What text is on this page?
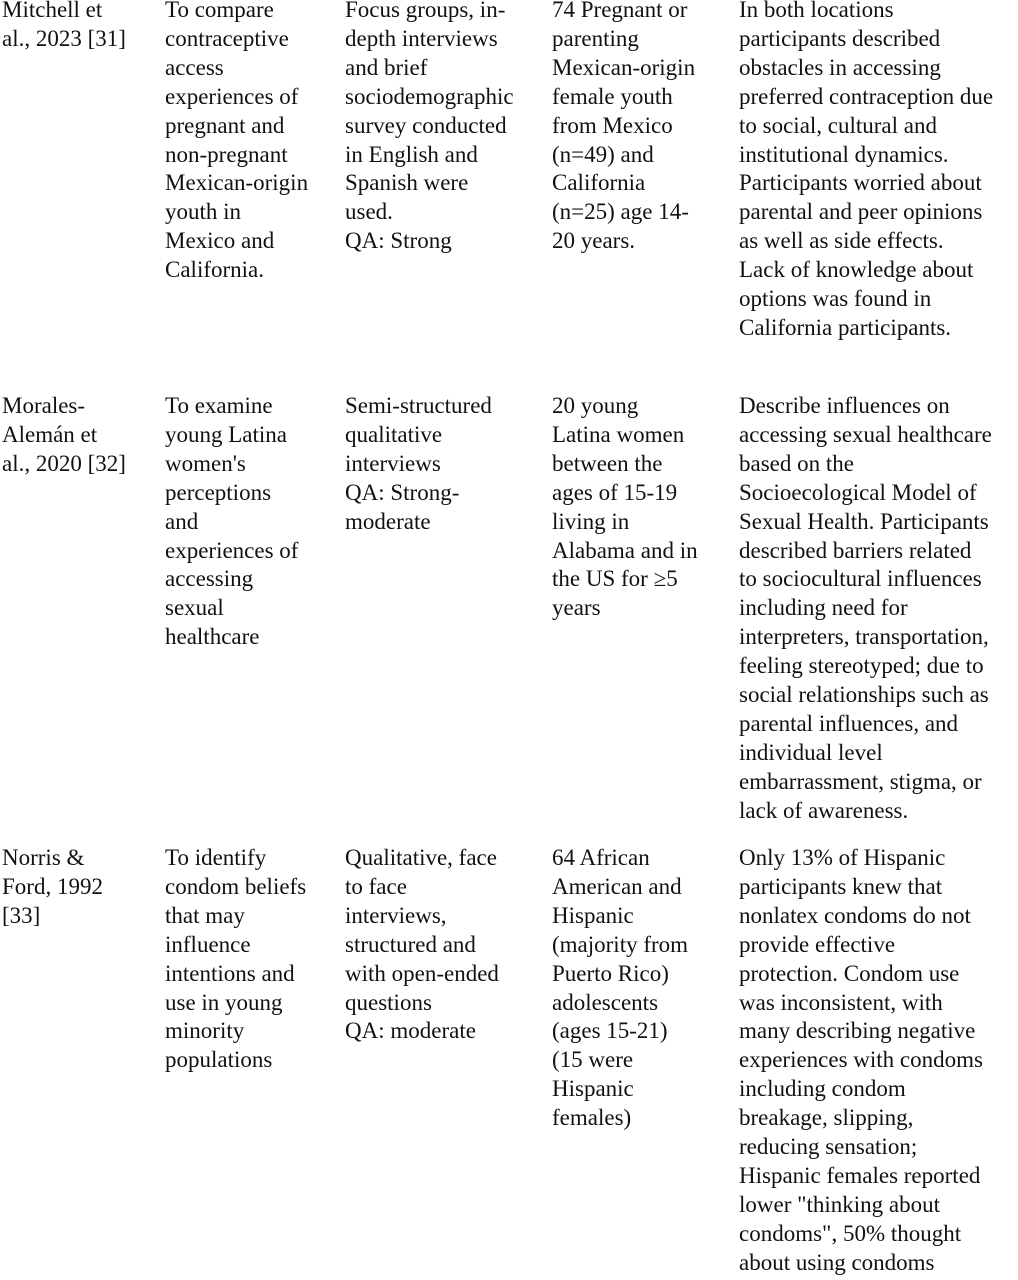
Mitchell et
al., 2023 [31]
To compare
contraceptive
access
experiences of
pregnant and
non-pregnant
Mexican-origin
youth in
Mexico and
California.
Focus groups, in-
depth interviews
and brief
sociodemographic
survey conducted
in English and
Spanish were
used.
QA: Strong
74 Pregnant or
parenting
Mexican-origin
female youth
from Mexico
(n=49) and
California
(n=25) age 14-
20 years.
In both locations
participants described
obstacles in accessing
preferred contraception due
to social, cultural and
institutional dynamics.
Participants worried about
parental and peer opinions
as well as side effects.
Lack of knowledge about
options was found in
California participants.
Morales-
Alemán et
al., 2020 [32]
To examine
young Latina
women's
perceptions
and
experiences of
accessing
sexual
healthcare
Semi-structured
qualitative
interviews
QA: Strong-
moderate
20 young
Latina women
between the
ages of 15-19
living in
Alabama and in
the US for ≥5
years
Describe influences on
accessing sexual healthcare
based on the
Socioecological Model of
Sexual Health. Participants
described barriers related
to sociocultural influences
including need for
interpreters, transportation,
feeling stereotyped; due to
social relationships such as
parental influences, and
individual level
embarrassment, stigma, or
lack of awareness.
Norris &
Ford, 1992
[33]
To identify
condom beliefs
that may
influence
intentions and
use in young
minority
populations
Qualitative, face
to face
interviews,
structured and
with open-ended
questions
QA: moderate
64 African
American and
Hispanic
(majority from
Puerto Rico)
adolescents
(ages 15-21)
(15 were
Hispanic
females)
Only 13% of Hispanic
participants knew that
nonlatex condoms do not
provide effective
protection. Condom use
was inconsistent, with
many describing negative
experiences with condoms
including condom
breakage, slipping,
reducing sensation;
Hispanic females reported
lower "thinking about
condoms", 50% thought
about using condoms
